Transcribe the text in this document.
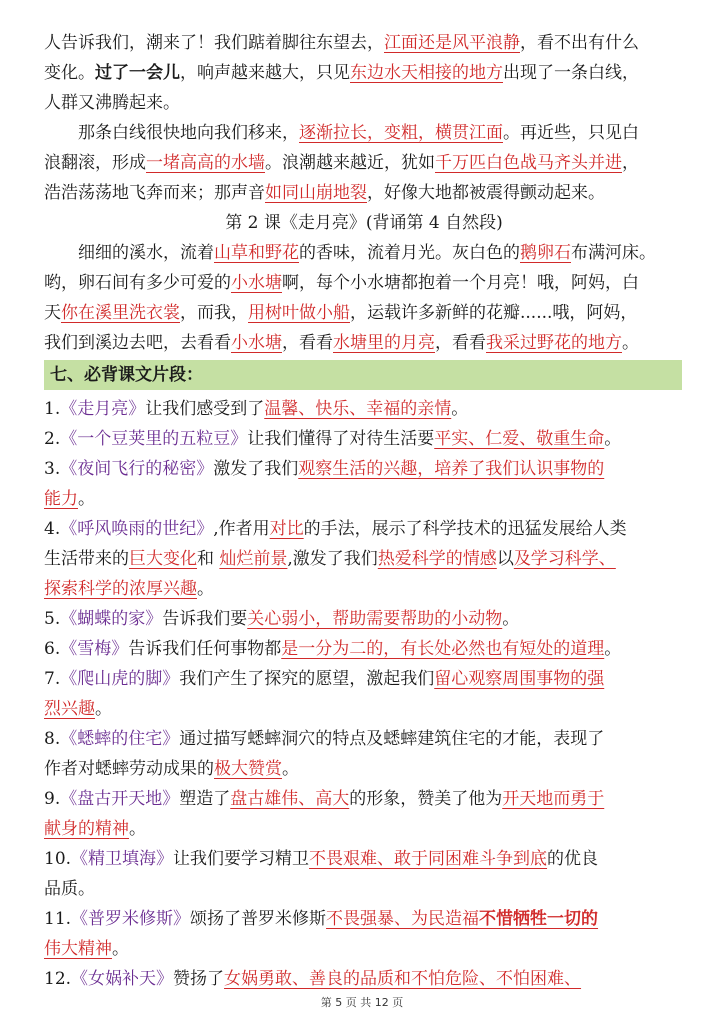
人告诉我们，潮来了！我们踮着脚往东望去，江面还是风平浪静，看不出有什么
变化。过了一会儿，响声越来越大，只见东边水天相接的地方出现了一条白线，
人群又沸腾起来。
那条白线很快地向我们移来，逐渐拉长，变粗，横贯江面。再近些，只见白
浪翻滚，形成一堵高高的水墙。浪潮越来越近，犹如千万匹白色战马齐头并进，
浩浩荡荡地飞奔而来；那声音如同山崩地裂，好像大地都被震得颤动起来。
第 2 课《走月亮》(背诵第 4 自然段)
细细的溪水，流着山草和野花的香味，流着月光。灰白色的鹅卵石布满河床。
哟，卵石间有多少可爱的小水塘啊，每个小水塘都抱着一个月亮！哦，阿妈，白
天你在溪里洗衣裳，而我，用树叶做小船，运载许多新鲜的花瓣......哦，阿妈，
我们到溪边去吧，去看看小水塘，看看水塘里的月亮，看看我采过野花的地方。
七、必背课文片段：
1.《走月亮》让我们感受到了温馨、快乐、幸福的亲情。
2.《一个豆荚里的五粒豆》让我们懂得了对待生活要平实、仁爱、敬重生命。
3.《夜间飞行的秘密》激发了我们观察生活的兴趣，培养了我们认识事物的
能力。
4.《呼风唤雨的世纪》,作者用对比的手法，展示了科学技术的迅猛发展给人类
生活带来的巨大变化和 灿烂前景,激发了我们热爱科学的情感以及学习科学、
探索科学的浓厚兴趣。
5.《蝴蝶的家》告诉我们要关心弱小，帮助需要帮助的小动物。
6.《雪梅》告诉我们任何事物都是一分为二的，有长处必然也有短处的道理。
7.《爬山虎的脚》我们产生了探究的愿望，激起我们留心观察周围事物的强
烈兴趣。
8.《蟋蟀的住宅》通过描写蟋蟀洞穴的特点及蟋蟀建筑住宅的才能，表现了
作者对蟋蟀劳动成果的极大赞赏。
9.《盘古开天地》塑造了盘古雄伟、高大的形象，赞美了他为开天地而勇于
献身的精神。
10.《精卫填海》让我们要学习精卫不畏艰难、敢于同困难斗争到底的优良
品质。
11.《普罗米修斯》颂扬了普罗米修斯不畏强暴、为民造福不惜牺牲一切的
伟大精神。
12.《女娲补天》赞扬了女娲勇敢、善良的品质和不怕危险、不怕困难、
第 5 页 共 12 页
